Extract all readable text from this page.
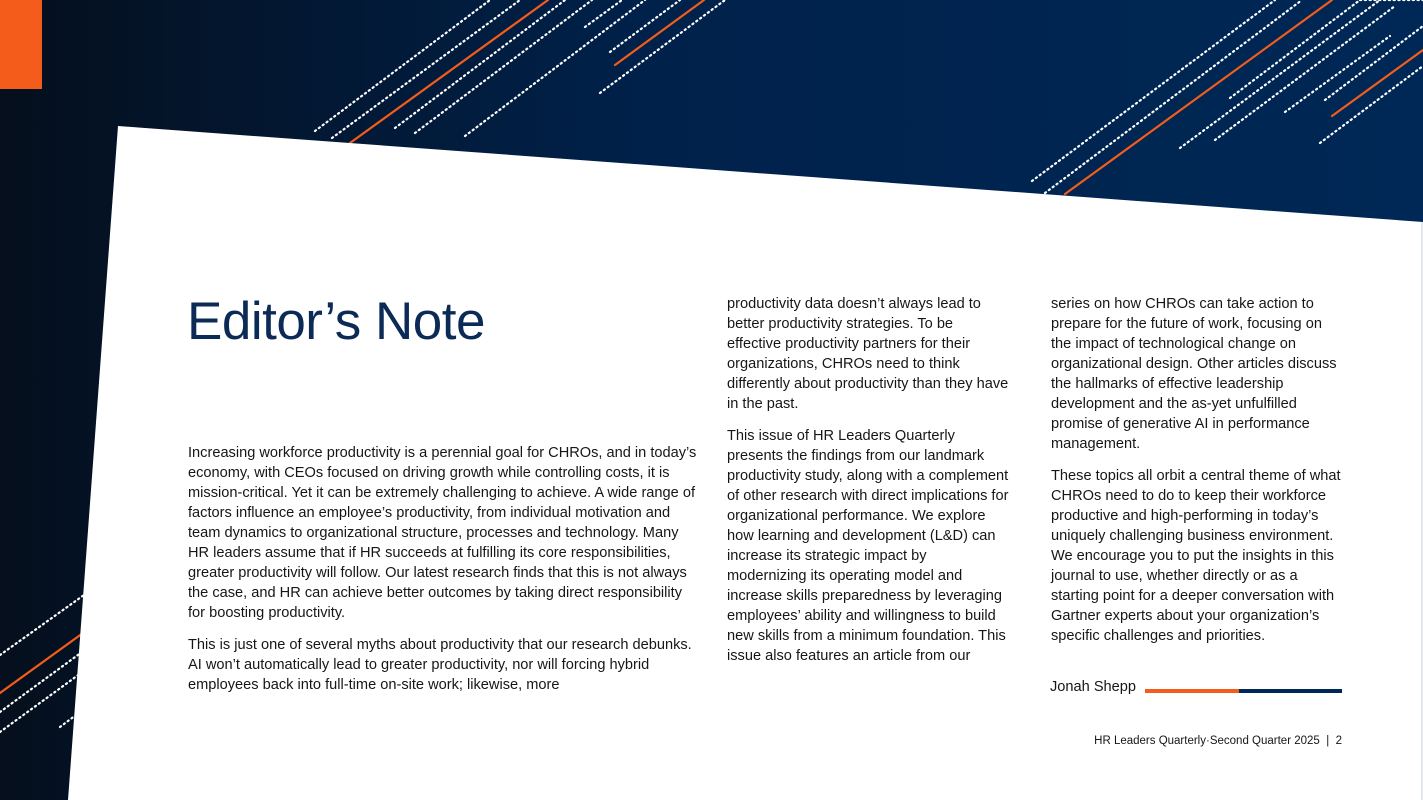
Editor’s Note

Increasing workforce productivity is a perennial goal for CHROs, and in today’s economy, with CEOs focused on driving growth while controlling costs, it is mission-critical. Yet it can be extremely challenging to achieve. A wide range of factors influence an employee’s productivity, from individual motivation and team dynamics to organizational structure, processes and technology. Many HR leaders assume that if HR succeeds at fulfilling its core responsibilities, greater productivity will follow. Our latest research finds that this is not always the case, and HR can achieve better outcomes by taking direct responsibility for boosting productivity.

This is just one of several myths about productivity that our research debunks. AI won’t automatically lead to greater productivity, nor will forcing hybrid employees back into full-time on-site work; likewise, more

productivity data doesn’t always lead to better productivity strategies. To be effective productivity partners for their organizations, CHROs need to think differently about productivity than they have in the past.

This issue of HR Leaders Quarterly presents the findings from our landmark productivity study, along with a complement of other research with direct implications for organizational performance. We explore how learning and development (L&D) can increase its strategic impact by modernizing its operating model and increase skills preparedness by leveraging employees’ ability and willingness to build new skills from a minimum foundation. This issue also features an article from our

series on how CHROs can take action to prepare for the future of work, focusing on the impact of technological change on organizational design. Other articles discuss the hallmarks of effective leadership development and the as-yet unfulfilled promise of generative AI in performance management.

These topics all orbit a central theme of what CHROs need to do to keep their workforce productive and high-performing in today’s uniquely challenging business environment. We encourage you to put the insights in this journal to use, whether directly or as a starting point for a deeper conversation with Gartner experts about your organization’s specific challenges and priorities.

Jonah Shepp
HR Leaders Quarterly·Second Quarter 2025 | 2
